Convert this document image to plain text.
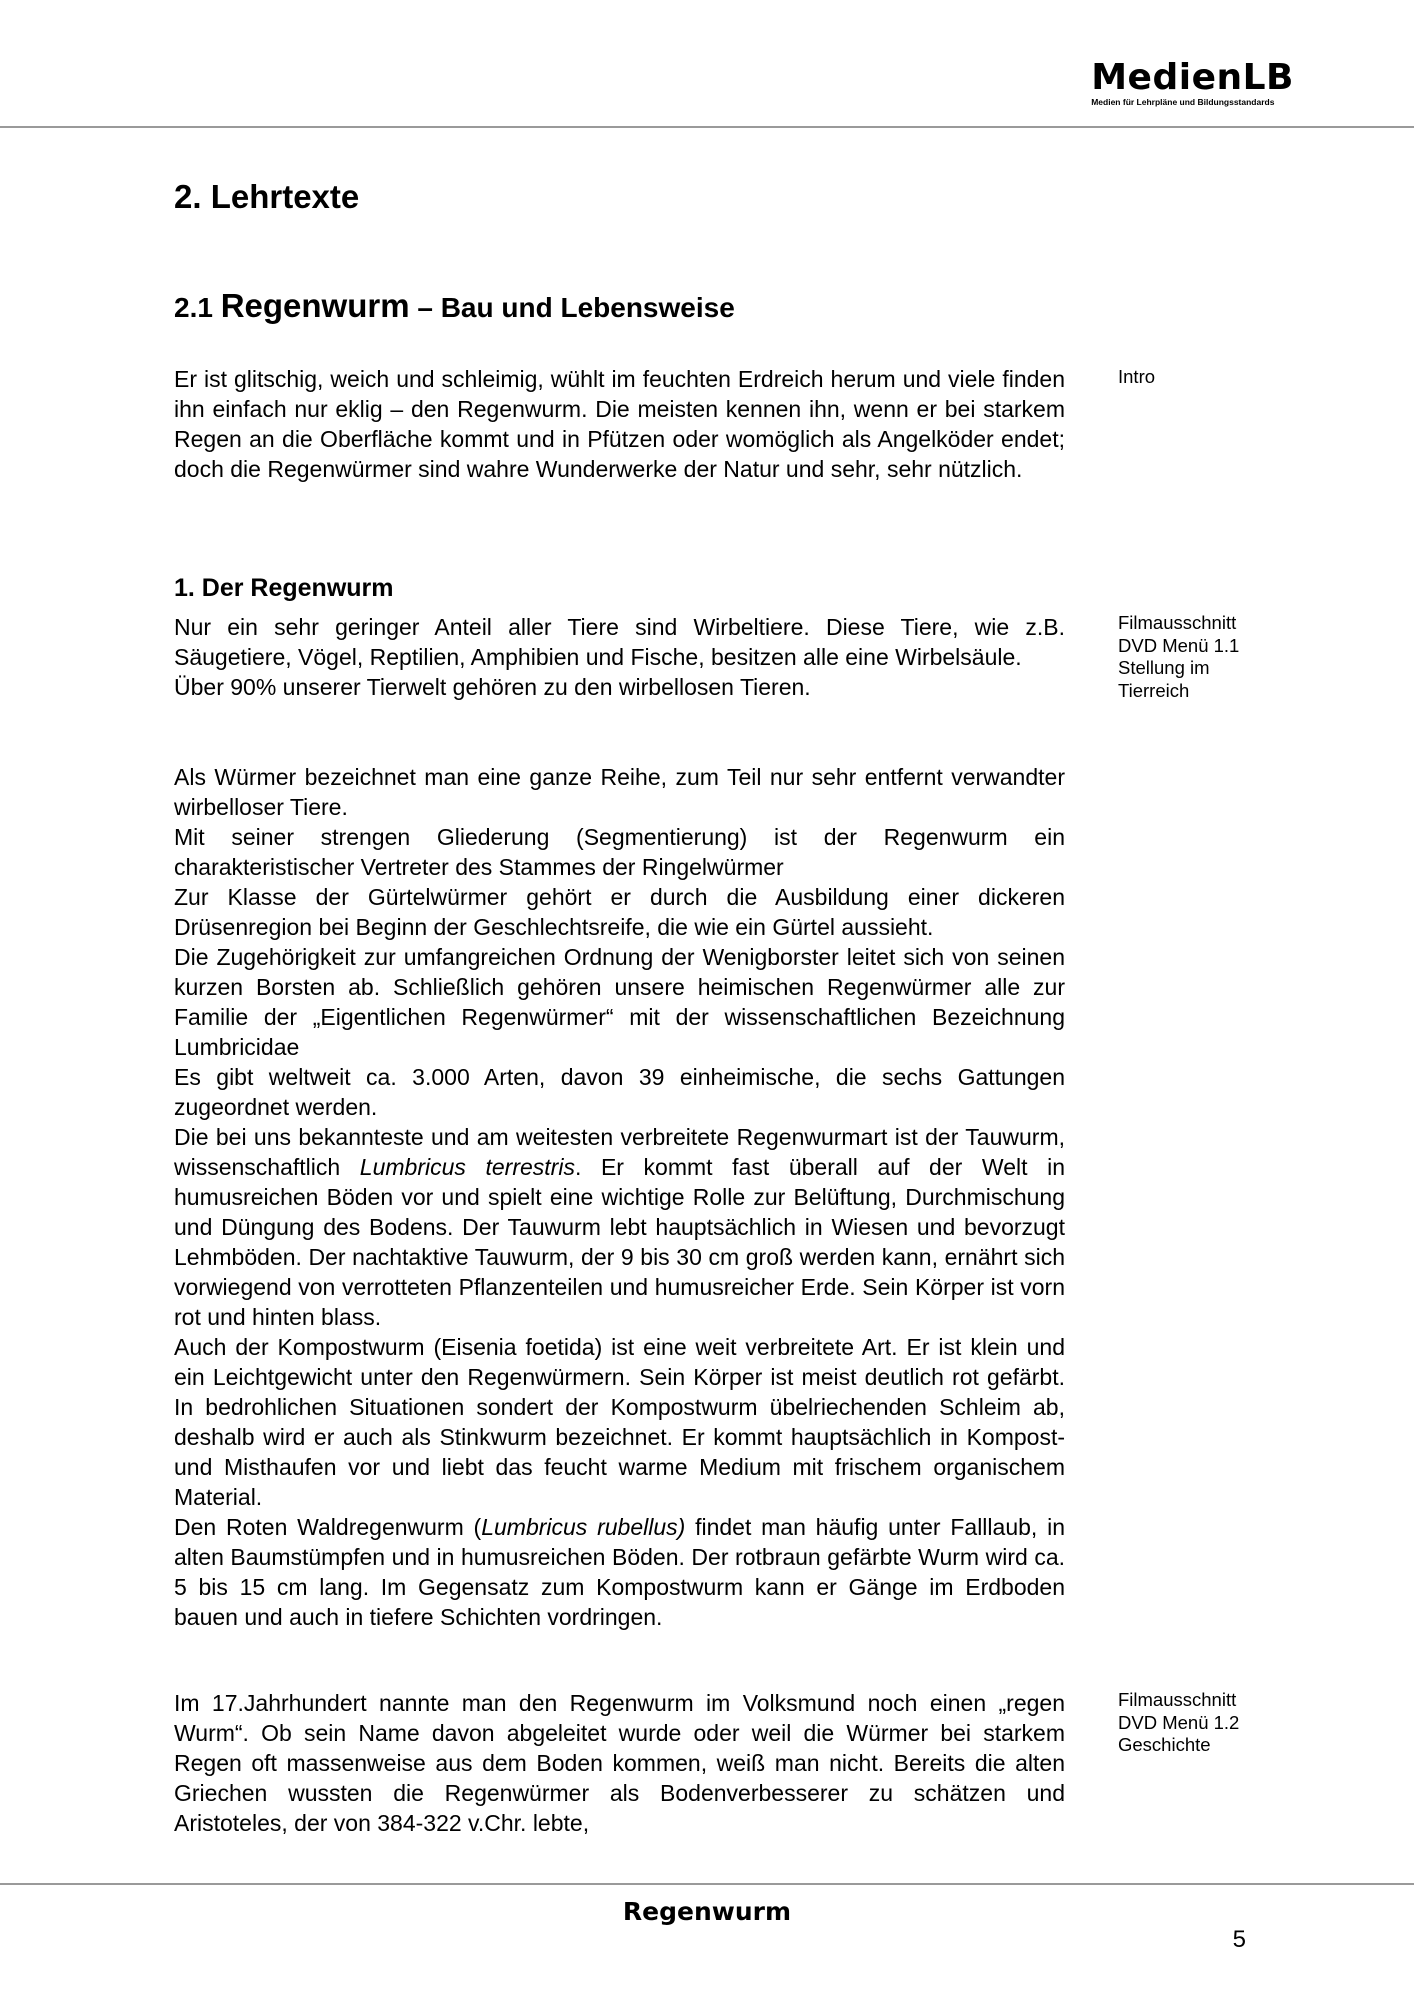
MedienLB
Medien für Lehrpläne und Bildungsstandards
2. Lehrtexte
2.1 Regenwurm – Bau und Lebensweise

Er ist glitschig, weich und schleimig, wühlt im feuchten Erdreich herum und viele finden ihn einfach nur eklig – den Regenwurm. Die meisten kennen ihn, wenn er bei starkem Regen an die Oberfläche kommt und in Pfützen oder womöglich als Angelköder endet; doch die Regenwürmer sind wahre Wunderwerke der Natur und sehr, sehr nützlich.

Intro
1. Der Regenwurm

Nur ein sehr geringer Anteil aller Tiere sind Wirbeltiere. Diese Tiere, wie z.B. Säugetiere, Vögel, Reptilien, Amphibien und Fische, besitzen alle eine Wirbelsäule.

Über 90% unserer Tierwelt gehören zu den wirbellosen Tieren.

Filmausschnitt
DVD Menü 1.1
Stellung im
Tierreich

Als Würmer bezeichnet man eine ganze Reihe, zum Teil nur sehr entfernt verwandter wirbelloser Tiere.

Mit seiner strengen Gliederung (Segmentierung) ist der Regenwurm ein charakteristischer Vertreter des Stammes der Ringelwürmer

Zur Klasse der Gürtelwürmer gehört er durch die Ausbildung einer dickeren Drüsenregion bei Beginn der Geschlechtsreife, die wie ein Gürtel aussieht.

Die Zugehörigkeit zur umfangreichen Ordnung der Wenigborster leitet sich von seinen kurzen Borsten ab. Schließlich gehören unsere heimischen Regenwürmer alle zur Familie der „Eigentlichen Regenwürmer“ mit der wissenschaftlichen Bezeichnung Lumbricidae

Es gibt weltweit ca. 3.000 Arten, davon 39 einheimische, die sechs Gattungen zugeordnet werden.

Die bei uns bekannteste und am weitesten verbreitete Regenwurmart ist der Tauwurm, wissenschaftlich Lumbricus terrestris. Er kommt fast überall auf der Welt in humusreichen Böden vor und spielt eine wichtige Rolle zur Belüftung, Durchmischung und Düngung des Bodens. Der Tauwurm lebt hauptsächlich in Wiesen und bevorzugt Lehmböden. Der nachtaktive Tauwurm, der 9 bis 30 cm groß werden kann, ernährt sich vorwiegend von verrotteten Pflanzenteilen und humusreicher Erde. Sein Körper ist vorn rot und hinten blass.

Auch der Kompostwurm (Eisenia foetida) ist eine weit verbreitete Art. Er ist klein und ein Leichtgewicht unter den Regenwürmern. Sein Körper ist meist deutlich rot gefärbt. In bedrohlichen Situationen sondert der Kompostwurm übelriechenden Schleim ab, deshalb wird er auch als Stinkwurm bezeichnet. Er kommt hauptsächlich in Kompost- und Misthaufen vor und liebt das feucht warme Medium mit frischem organischem Material.

Den Roten Waldregenwurm (Lumbricus rubellus) findet man häufig unter Falllaub, in alten Baumstümpfen und in humusreichen Böden. Der rotbraun gefärbte Wurm wird ca. 5 bis 15 cm lang. Im Gegensatz zum Kompostwurm kann er Gänge im Erdboden bauen und auch in tiefere Schichten vordringen.

Im 17.Jahrhundert nannte man den Regenwurm im Volksmund noch einen „regen Wurm“. Ob sein Name davon abgeleitet wurde oder weil die Würmer bei starkem Regen oft massenweise aus dem Boden kommen, weiß man nicht. Bereits die alten Griechen wussten die Regenwürmer als Bodenverbesserer zu schätzen und Aristoteles, der von 384-322 v.Chr. lebte,

Filmausschnitt
DVD Menü 1.2
Geschichte
Regenwurm
5
